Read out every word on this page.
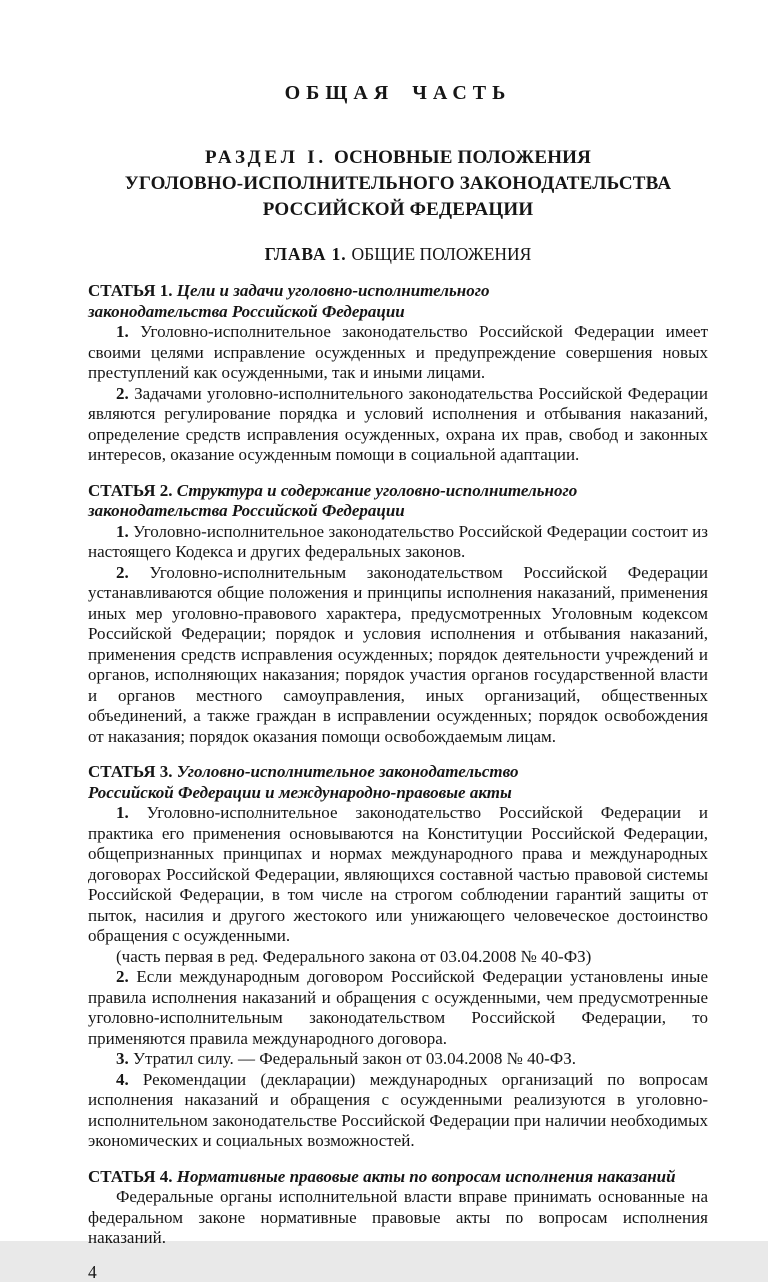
ОБЩАЯ ЧАСТЬ
РАЗДЕЛ I. ОСНОВНЫЕ ПОЛОЖЕНИЯ
УГОЛОВНО-ИСПОЛНИТЕЛЬНОГО ЗАКОНОДАТЕЛЬСТВА
РОССИЙСКОЙ ФЕДЕРАЦИИ
ГЛАВА 1. ОБЩИЕ ПОЛОЖЕНИЯ
СТАТЬЯ 1. Цели и задачи уголовно-исполнительного
законодательства Российской Федерации

1. Уголовно-исполнительное законодательство Российской Федерации имеет своими целями исправление осужденных и предупреждение совершения новых преступлений как осужденными, так и иными лицами.

2. Задачами уголовно-исполнительного законодательства Российской Федерации являются регулирование порядка и условий исполнения и отбывания наказаний, определение средств исправления осужденных, охрана их прав, свобод и законных интересов, оказание осужденным помощи в социальной адаптации.

СТАТЬЯ 2. Структура и содержание уголовно-исполнительного
законодательства Российской Федерации

1. Уголовно-исполнительное законодательство Российской Федерации состоит из настоящего Кодекса и других федеральных законов.

2. Уголовно-исполнительным законодательством Российской Федерации устанавливаются общие положения и принципы исполнения наказаний, применения иных мер уголовно-правового характера, предусмотренных Уголовным кодексом Российской Федерации; порядок и условия исполнения и отбывания наказаний, применения средств исправления осужденных; порядок деятельности учреждений и органов, исполняющих наказания; порядок участия органов государственной власти и органов местного самоуправления, иных организаций, общественных объединений, а также граждан в исправлении осужденных; порядок освобождения от наказания; порядок оказания помощи освобождаемым лицам.

СТАТЬЯ 3. Уголовно-исполнительное законодательство
Российской Федерации и международно-правовые акты

1. Уголовно-исполнительное законодательство Российской Федерации и практика его применения основываются на Конституции Российской Федерации, общепризнанных принципах и нормах международного права и международных договорах Российской Федерации, являющихся составной частью правовой системы Российской Федерации, в том числе на строгом соблюдении гарантий защиты от пыток, насилия и другого жестокого или унижающего человеческое достоинство обращения с осужденными.

(часть первая в ред. Федерального закона от 03.04.2008 № 40-ФЗ)

2. Если международным договором Российской Федерации установлены иные правила исполнения наказаний и обращения с осужденными, чем предусмотренные уголовно-исполнительным законодательством Российской Федерации, то применяются правила международного договора.

3. Утратил силу. — Федеральный закон от 03.04.2008 № 40-ФЗ.

4. Рекомендации (декларации) международных организаций по вопросам исполнения наказаний и обращения с осужденными реализуются в уголовно-исполнительном законодательстве Российской Федерации при наличии необходимых экономических и социальных возможностей.

СТАТЬЯ 4. Нормативные правовые акты по вопросам исполнения наказаний

Федеральные органы исполнительной власти вправе принимать основанные на федеральном законе нормативные правовые акты по вопросам исполнения наказаний.

4
